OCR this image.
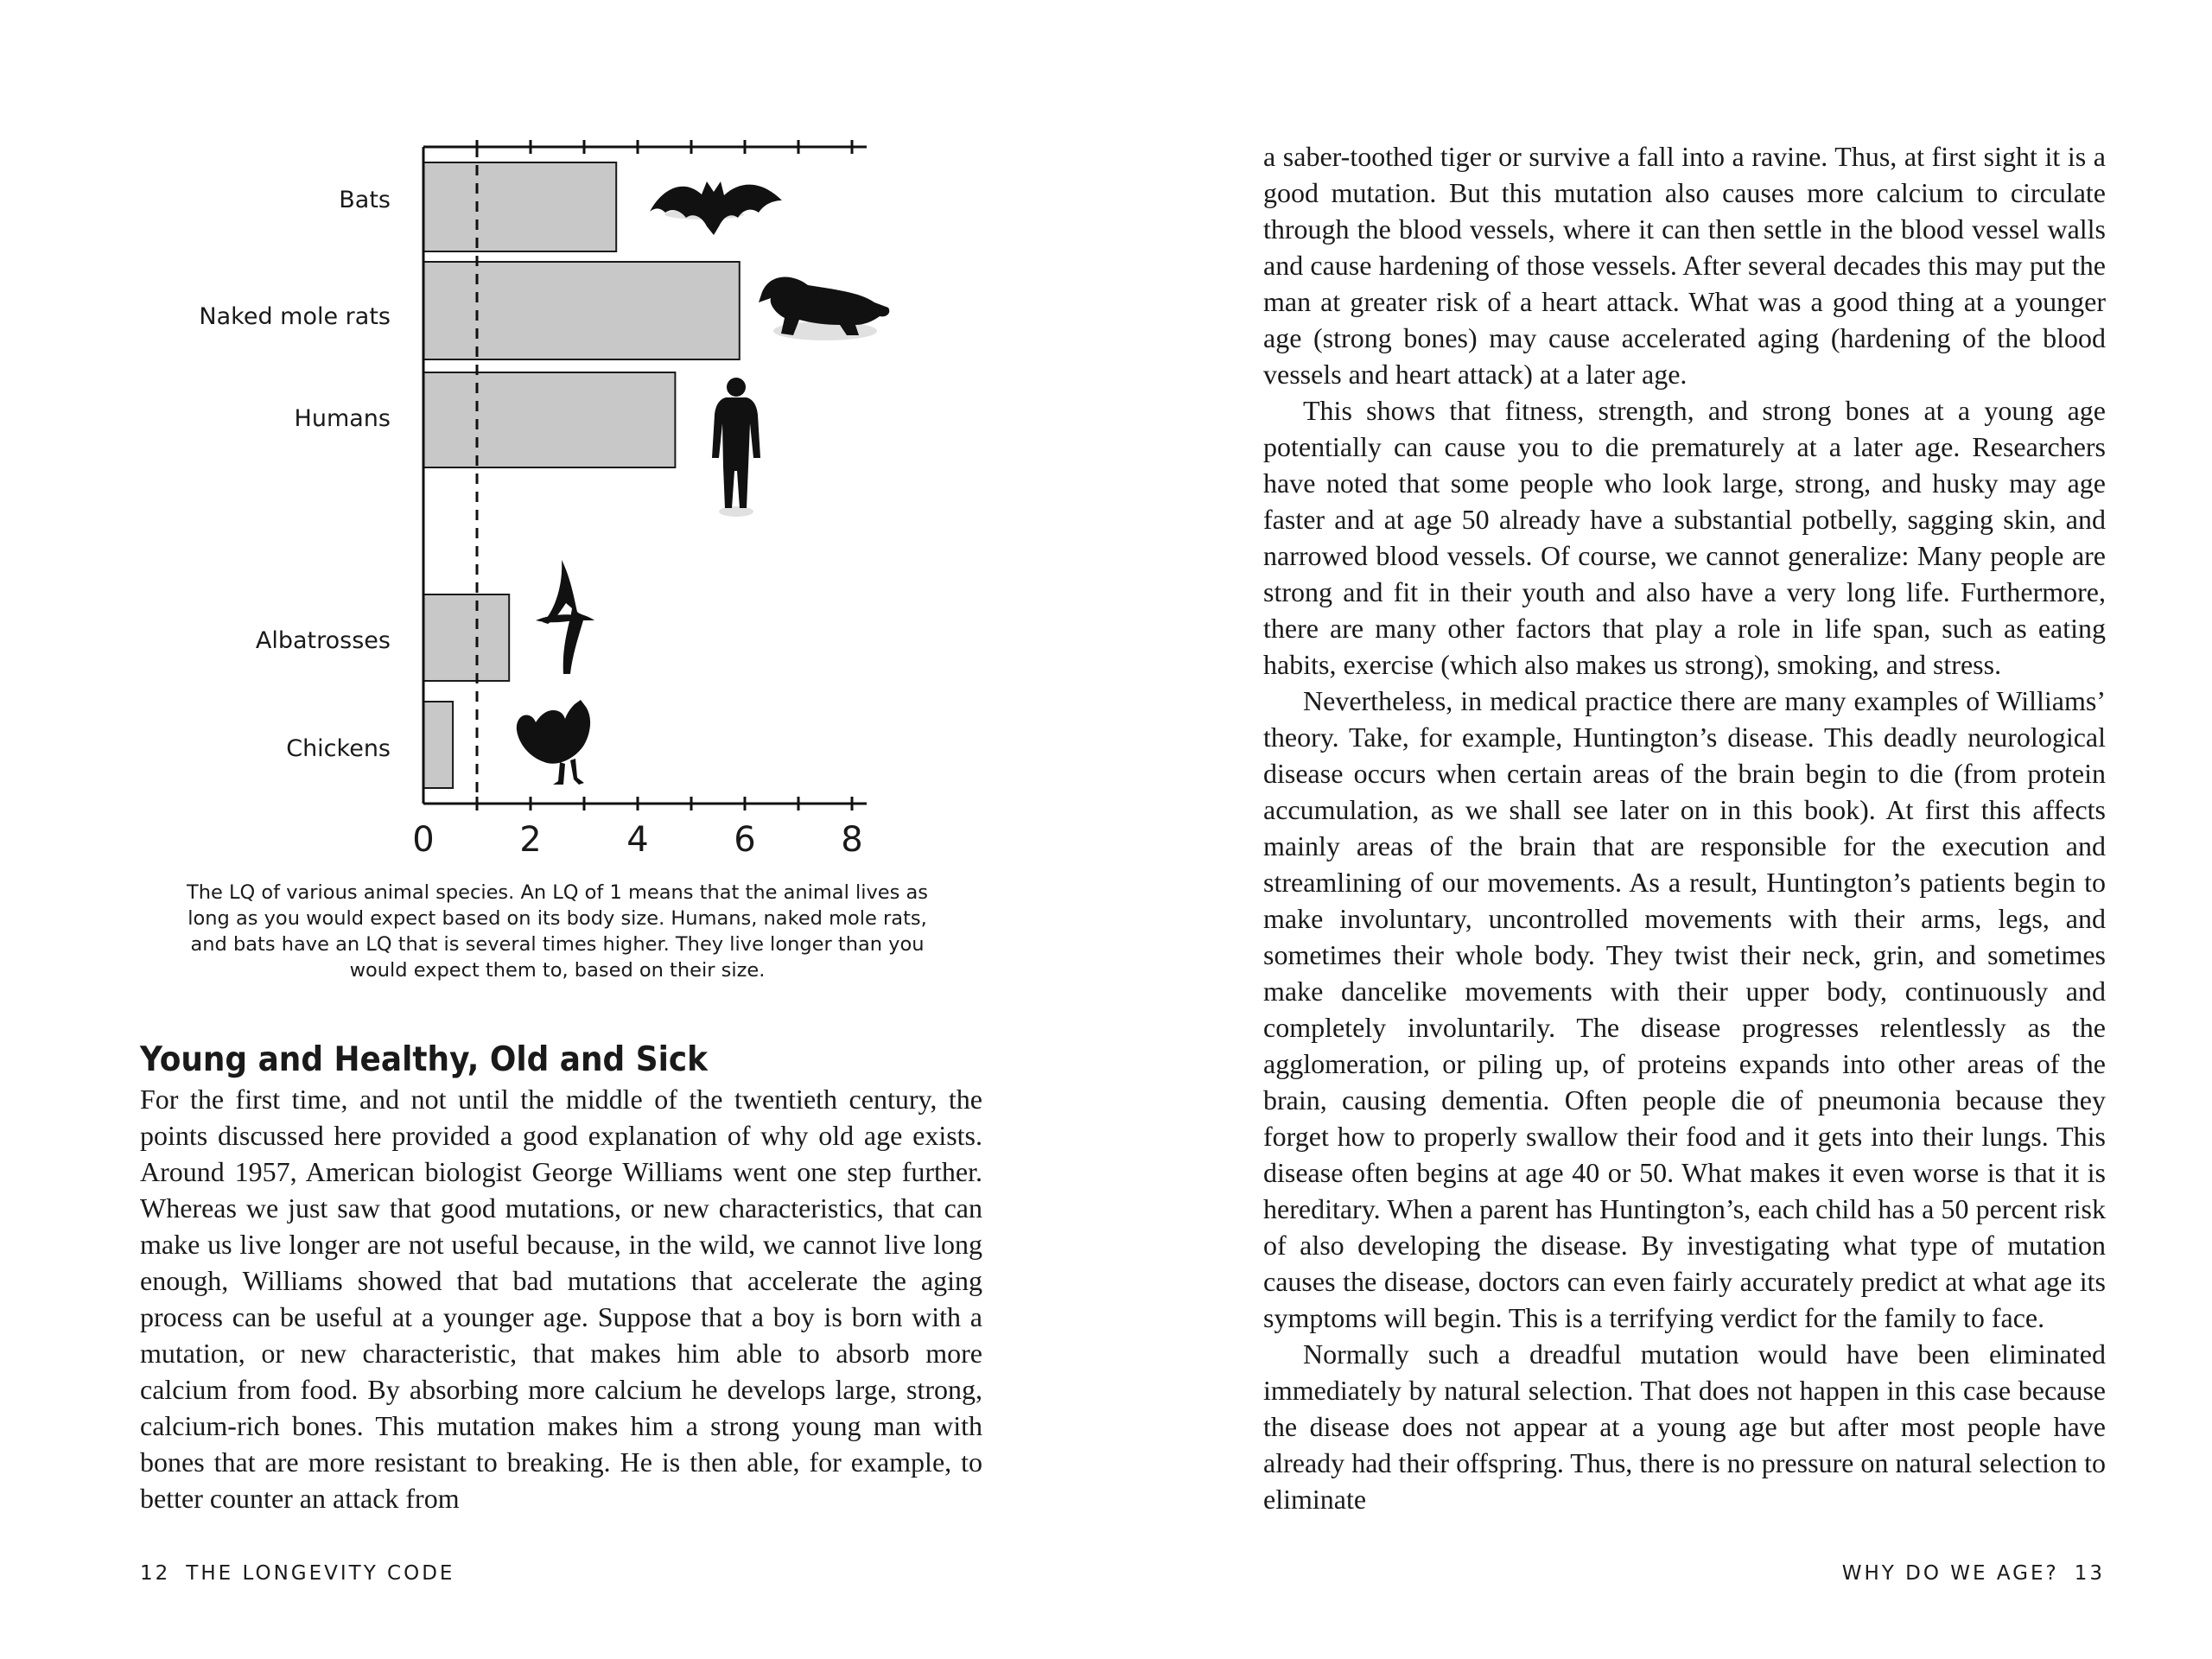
Bats
Naked mole rats
Humans
Albatrosses
Chickens
0 2 4 6 8

The LQ of various animal species. An LQ of 1 means that the animal lives as long as you would expect based on its body size. Humans, naked mole rats, and bats have an LQ that is several times higher. They live longer than you would expect them to, based on their size.

Young and Healthy, Old and Sick

For the first time, and not until the middle of the twentieth century, the points discussed here provided a good explanation of why old age exists. Around 1957, American biologist George Williams went one step further. Whereas we just saw that good mutations, or new characteristics, that can make us live longer are not useful because, in the wild, we cannot live long enough, Williams showed that bad mutations that accelerate the aging process can be useful at a younger age. Suppose that a boy is born with a mutation, or new characteristic, that makes him able to absorb more calcium from food. By absorbing more calcium he develops large, strong, calcium-rich bones. This mutation makes him a strong young man with bones that are more resistant to breaking. He is then able, for example, to better counter an attack from

12 THE LONGEVITY CODE

a saber-toothed tiger or survive a fall into a ravine. Thus, at first sight it is a good mutation. But this mutation also causes more calcium to circulate through the blood vessels, where it can then settle in the blood vessel walls and cause hardening of those vessels. After several decades this may put the man at greater risk of a heart attack. What was a good thing at a younger age (strong bones) may cause accelerated aging (hardening of the blood vessels and heart attack) at a later age.

This shows that fitness, strength, and strong bones at a young age potentially can cause you to die prematurely at a later age. Researchers have noted that some people who look large, strong, and husky may age faster and at age 50 already have a substantial potbelly, sagging skin, and narrowed blood vessels. Of course, we cannot generalize: Many people are strong and fit in their youth and also have a very long life. Furthermore, there are many other factors that play a role in life span, such as eating habits, exercise (which also makes us strong), smoking, and stress.

Nevertheless, in medical practice there are many examples of Williams’ theory. Take, for example, Huntington’s disease. This deadly neurological disease occurs when certain areas of the brain begin to die (from protein accumulation, as we shall see later on in this book). At first this affects mainly areas of the brain that are responsible for the execution and streamlining of our movements. As a result, Huntington’s patients begin to make involuntary, uncontrolled movements with their arms, legs, and sometimes their whole body. They twist their neck, grin, and sometimes make dancelike movements with their upper body, continuously and completely involuntarily. The disease progresses relentlessly as the agglomeration, or piling up, of proteins expands into other areas of the brain, causing dementia. Often people die of pneumonia because they forget how to properly swallow their food and it gets into their lungs. This disease often begins at age 40 or 50. What makes it even worse is that it is hereditary. When a parent has Huntington’s, each child has a 50 percent risk of also developing the disease. By investigating what type of mutation causes the disease, doctors can even fairly accurately predict at what age its symptoms will begin. This is a terrifying verdict for the family to face.

Normally such a dreadful mutation would have been eliminated immediately by natural selection. That does not happen in this case because the disease does not appear at a young age but after most people have already had their offspring. Thus, there is no pressure on natural selection to eliminate

WHY DO WE AGE? 13
